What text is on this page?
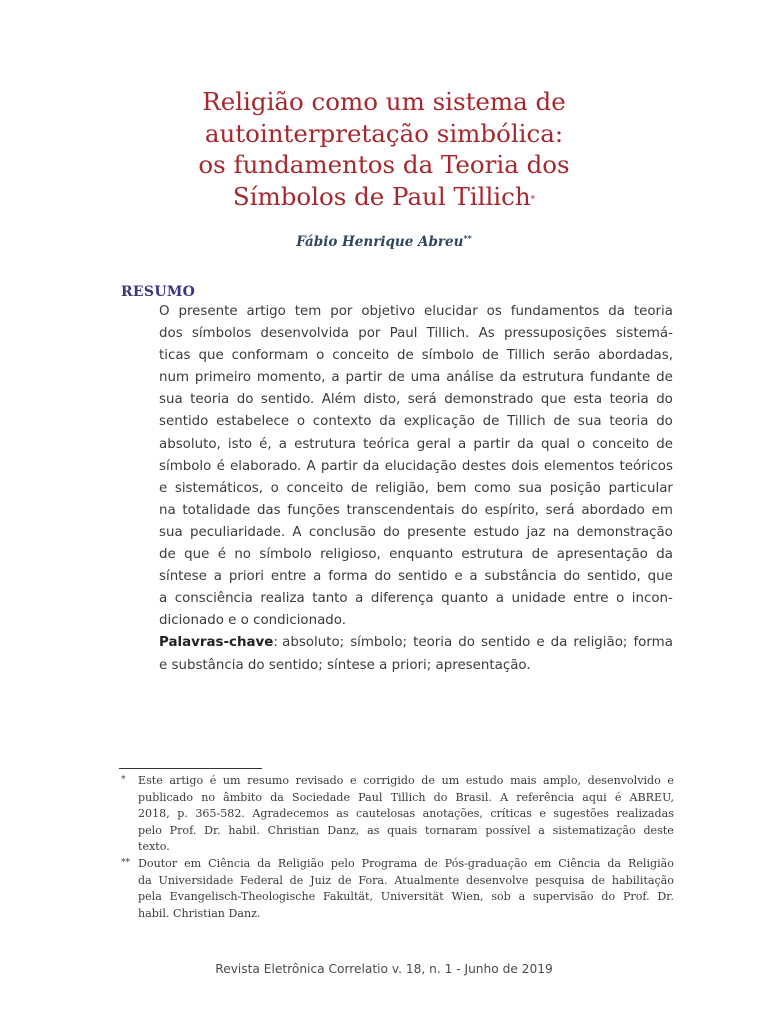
Religião como um sistema de
autointerpretação simbólica:
os fundamentos da Teoria dos
Símbolos de Paul Tillich*
Fábio Henrique Abreu**
RESUMO
O presente artigo tem por objetivo elucidar os fundamentos da teoria
dos símbolos desenvolvida por Paul Tillich. As pressuposições sistemá-
ticas que conformam o conceito de símbolo de Tillich serão abordadas,
num primeiro momento, a partir de uma análise da estrutura fundante de
sua teoria do sentido. Além disto, será demonstrado que esta teoria do
sentido estabelece o contexto da explicação de Tillich de sua teoria do
absoluto, isto é, a estrutura teórica geral a partir da qual o conceito de
símbolo é elaborado. A partir da elucidação destes dois elementos teóricos
e sistemáticos, o conceito de religião, bem como sua posição particular
na totalidade das funções transcendentais do espírito, será abordado em
sua peculiaridade. A conclusão do presente estudo jaz na demonstração
de que é no símbolo religioso, enquanto estrutura de apresentação da
síntese a priori entre a forma do sentido e a substância do sentido, que
a consciência realiza tanto a diferença quanto a unidade entre o incon-
dicionado e o condicionado.
Palavras-chave: absoluto; símbolo; teoria do sentido e da religião; forma
e substância do sentido; síntese a priori; apresentação.
* Este artigo é um resumo revisado e corrigido de um estudo mais amplo, desenvolvido e
publicado no âmbito da Sociedade Paul Tillich do Brasil. A referência aqui é ABREU,
2018, p. 365-582. Agradecemos as cautelosas anotações, críticas e sugestões realizadas
pelo Prof. Dr. habil. Christian Danz, as quais tornaram possível a sistematização deste
texto.
** Doutor em Ciência da Religião pelo Programa de Pós-graduação em Ciência da Religião
da Universidade Federal de Juiz de Fora. Atualmente desenvolve pesquisa de habilitação
pela Evangelisch-Theologische Fakultät, Universität Wien, sob a supervisão do Prof. Dr.
habil. Christian Danz.
Revista Eletrônica Correlatio v. 18, n. 1 - Junho de 2019
